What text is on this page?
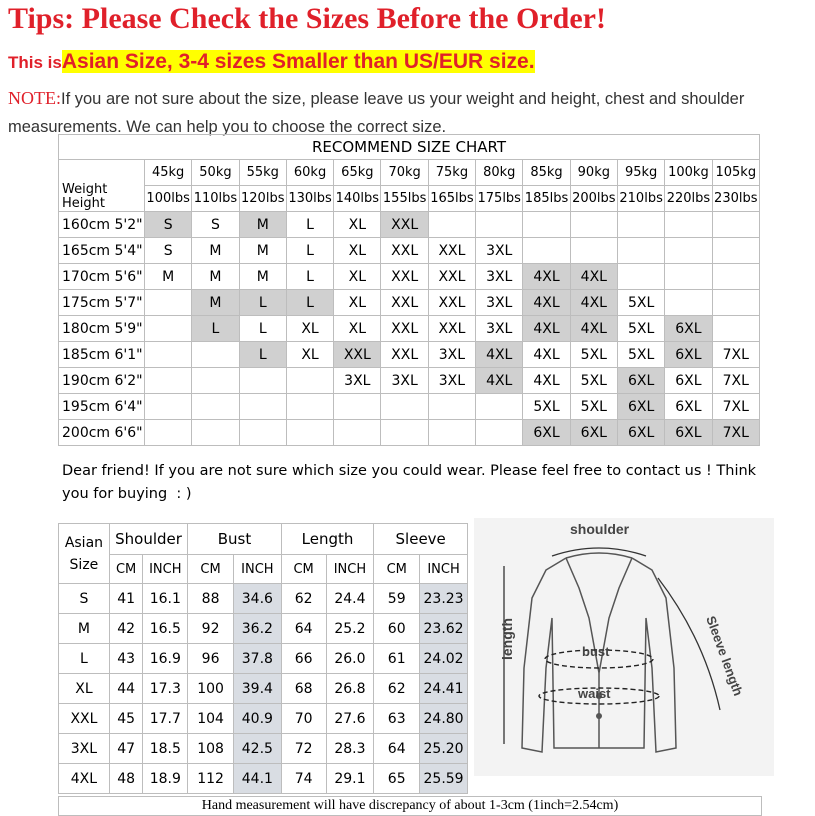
Tips: Please Check the Sizes Before the Order!
This isAsian Size, 3-4 sizes Smaller than US/EUR size.
NOTE:If you are not sure about the size, please leave us your weight and height, chest and shoulder measurements. We can help you to choose the correct size.
RECOMMEND SIZE CHART													

Weight
Height	45kg	50kg	55kg	60kg	65kg	70kg	75kg	80kg	85kg	90kg	95kg	100kg	105kg
	100lbs	110lbs	120lbs	130lbs	140lbs	155lbs	165lbs	175lbs	185lbs	200lbs	210lbs	220lbs	230lbs
160cm 5'2"	S	S	M	L	XL	XXL							
165cm 5'4"	S	M	M	L	XL	XXL	XXL	3XL					
170cm 5'6"	M	M	M	L	XL	XXL	XXL	3XL	4XL	4XL			
175cm 5'7"		M	L	L	XL	XXL	XXL	3XL	4XL	4XL	5XL		
180cm 5'9"		L	L	XL	XL	XXL	XXL	3XL	4XL	4XL	5XL	6XL	
185cm 6'1"			L	XL	XXL	XXL	3XL	4XL	4XL	5XL	5XL	6XL	7XL
190cm 6'2"					3XL	3XL	3XL	4XL	4XL	5XL	6XL	6XL	7XL
195cm 6'4"									5XL	5XL	6XL	6XL	7XL
200cm 6'6"									6XL	6XL	6XL	6XL	7XL
Dear friend! If you are not sure which size you could wear. Please feel free to contact us ! Think you for buying  : )
Asian Size	Shoulder		Bust		Length		Sleeve	
	CM	INCH	CM	INCH	CM	INCH	CM	INCH
S	41	16.1	88	34.6	62	24.4	59	23.23
M	42	16.5	92	36.2	64	25.2	60	23.62
L	43	16.9	96	37.8	66	26.0	61	24.02
XL	44	17.3	100	39.4	68	26.8	62	24.41
XXL	45	17.7	104	40.9	70	27.6	63	24.80
3XL	47	18.5	108	42.5	72	28.3	64	25.20
4XL	48	18.9	112	44.1	74	29.1	65	25.59
shoulder
length	bust
waist	Sleeve length
Hand measurement will have discrepancy of about 1-3cm (1inch=2.54cm)
